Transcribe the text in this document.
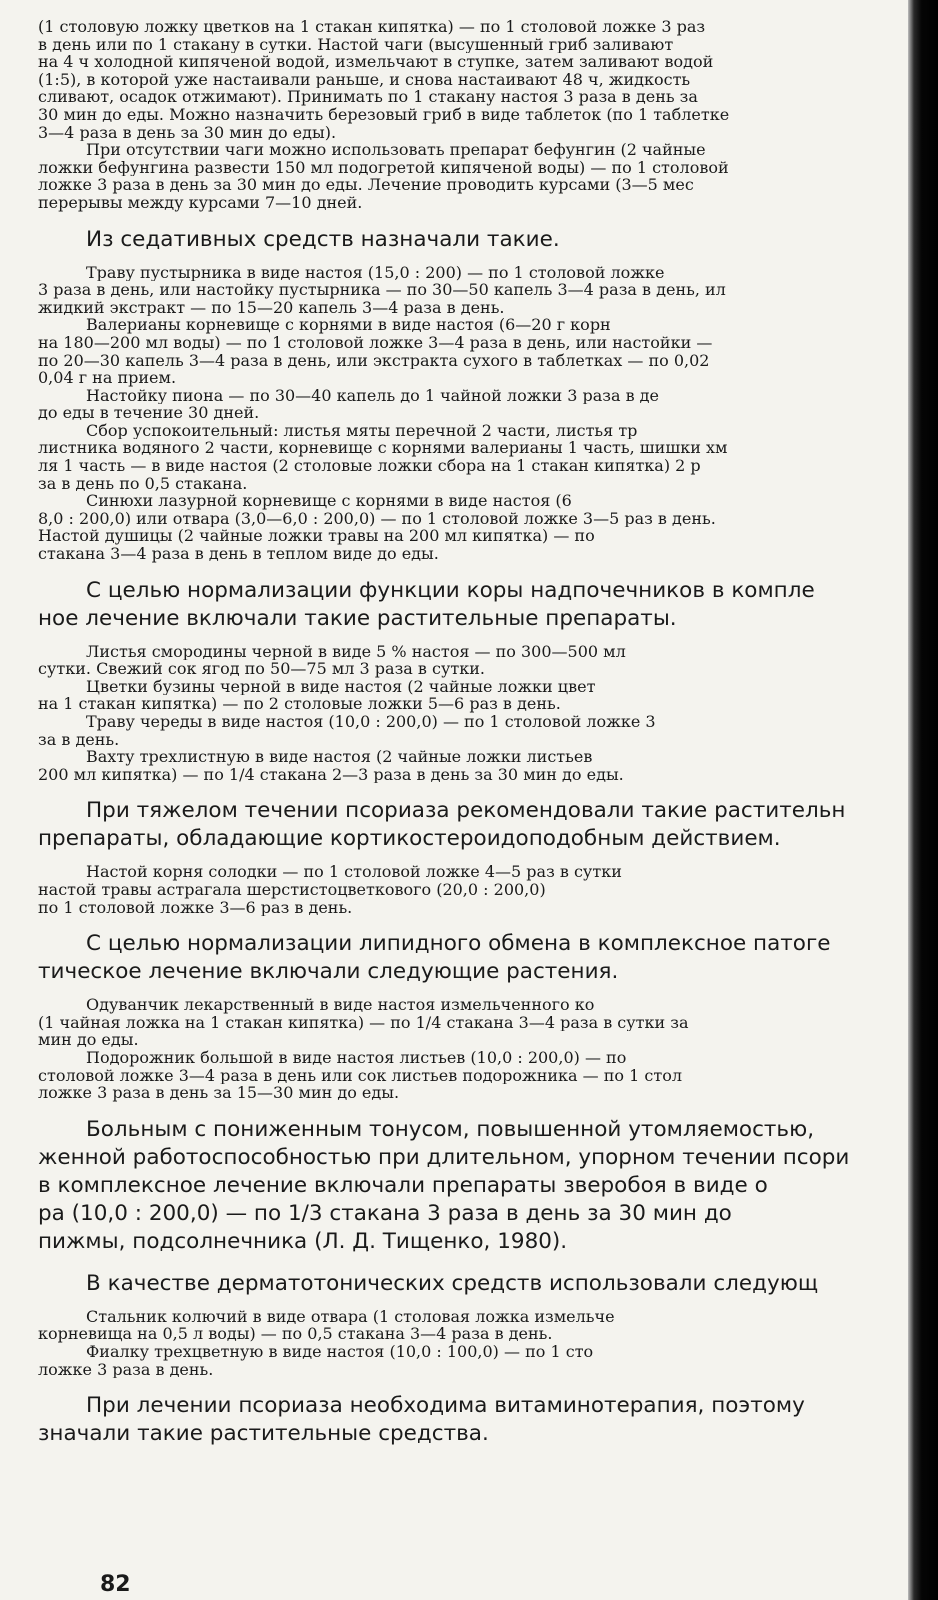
(1 столовую ложку цветков на 1 стакан кипятка) — по 1 столовой ложке 3 раз
в день или по 1 стакану в сутки. Настой чаги (высушенный гриб заливают
на 4 ч холодной кипяченой водой, измельчают в ступке, затем заливают водой
(1:5), в которой уже настаивали раньше, и снова настаивают 48 ч, жидкость
сливают, осадок отжимают). Принимать по 1 стакану настоя 3 раза в день за
30 мин до еды. Можно назначить березовый гриб в виде таблеток (по 1 таблетке
3—4 раза в день за 30 мин до еды).
При отсутствии чаги можно использовать препарат бефунгин (2 чайные
ложки бефунгина развести 150 мл подогретой кипяченой воды) — по 1 столовой
ложке 3 раза в день за 30 мин до еды. Лечение проводить курсами (3—5 мес
перерывы между курсами 7—10 дней.
Из седативных средств назначали такие.
Траву пустырника в виде настоя (15,0 : 200) — по 1 столовой ложке
3 раза в день, или настойку пустырника — по 30—50 капель 3—4 раза в день, ил
жидкий экстракт — по 15—20 капель 3—4 раза в день.
Валерианы корневище с корнями в виде настоя (6—20 г корн
на 180—200 мл воды) — по 1 столовой ложке 3—4 раза в день, или настойки —
по 20—30 капель 3—4 раза в день, или экстракта сухого в таблетках — по 0,02
0,04 г на прием.
Настойку пиона — по 30—40 капель до 1 чайной ложки 3 раза в де
до еды в течение 30 дней.
Сбор успокоительный: листья мяты перечной 2 части, листья тр
листника водяного 2 части, корневище с корнями валерианы 1 часть, шишки хм
ля 1 часть — в виде настоя (2 столовые ложки сбора на 1 стакан кипятка) 2 р
за в день по 0,5 стакана.
Синюхи лазурной корневище с корнями в виде настоя (6
8,0 : 200,0) или отвара (3,0—6,0 : 200,0) — по 1 столовой ложке 3—5 раз в день.
Настой душицы (2 чайные ложки травы на 200 мл кипятка) — по
стакана 3—4 раза в день в теплом виде до еды.
С целью нормализации функции коры надпочечников в компле
ное лечение включали такие растительные препараты.
Листья смородины черной в виде 5 % настоя — по 300—500 мл
сутки. Свежий сок ягод по 50—75 мл 3 раза в сутки.
Цветки бузины черной в виде настоя (2 чайные ложки цвет
на 1 стакан кипятка) — по 2 столовые ложки 5—6 раз в день.
Траву череды в виде настоя (10,0 : 200,0) — по 1 столовой ложке 3
за в день.
Вахту трехлистную в виде настоя (2 чайные ложки листьев
200 мл кипятка) — по 1/4 стакана 2—3 раза в день за 30 мин до еды.
При тяжелом течении псориаза рекомендовали такие растительн
препараты, обладающие кортикостероидоподобным действием.
Настой корня солодки — по 1 столовой ложке 4—5 раз в сутки
настой травы астрагала шерстистоцветкового (20,0 : 200,0)
по 1 столовой ложке 3—6 раз в день.
С целью нормализации липидного обмена в комплексное патоге
тическое лечение включали следующие растения.
Одуванчик лекарственный в виде настоя измельченного ко
(1 чайная ложка на 1 стакан кипятка) — по 1/4 стакана 3—4 раза в сутки за
мин до еды.
Подорожник большой в виде настоя листьев (10,0 : 200,0) — по
столовой ложке 3—4 раза в день или сок листьев подорожника — по 1 стол
ложке 3 раза в день за 15—30 мин до еды.
Больным с пониженным тонусом, повышенной утомляемостью,
женной работоспособностью при длительном, упорном течении псори
в комплексное лечение включали препараты зверобоя в виде о
ра (10,0 : 200,0) — по 1/3 стакана 3 раза в день за 30 мин до
пижмы, подсолнечника (Л. Д. Тищенко, 1980).
В качестве дерматотонических средств использовали следующ
Стальник колючий в виде отвара (1 столовая ложка измельче
корневища на 0,5 л воды) — по 0,5 стакана 3—4 раза в день.
Фиалку трехцветную в виде настоя (10,0 : 100,0) — по 1 сто
ложке 3 раза в день.
При лечении псориаза необходима витаминотерапия, поэтому
значали такие растительные средства.
82
